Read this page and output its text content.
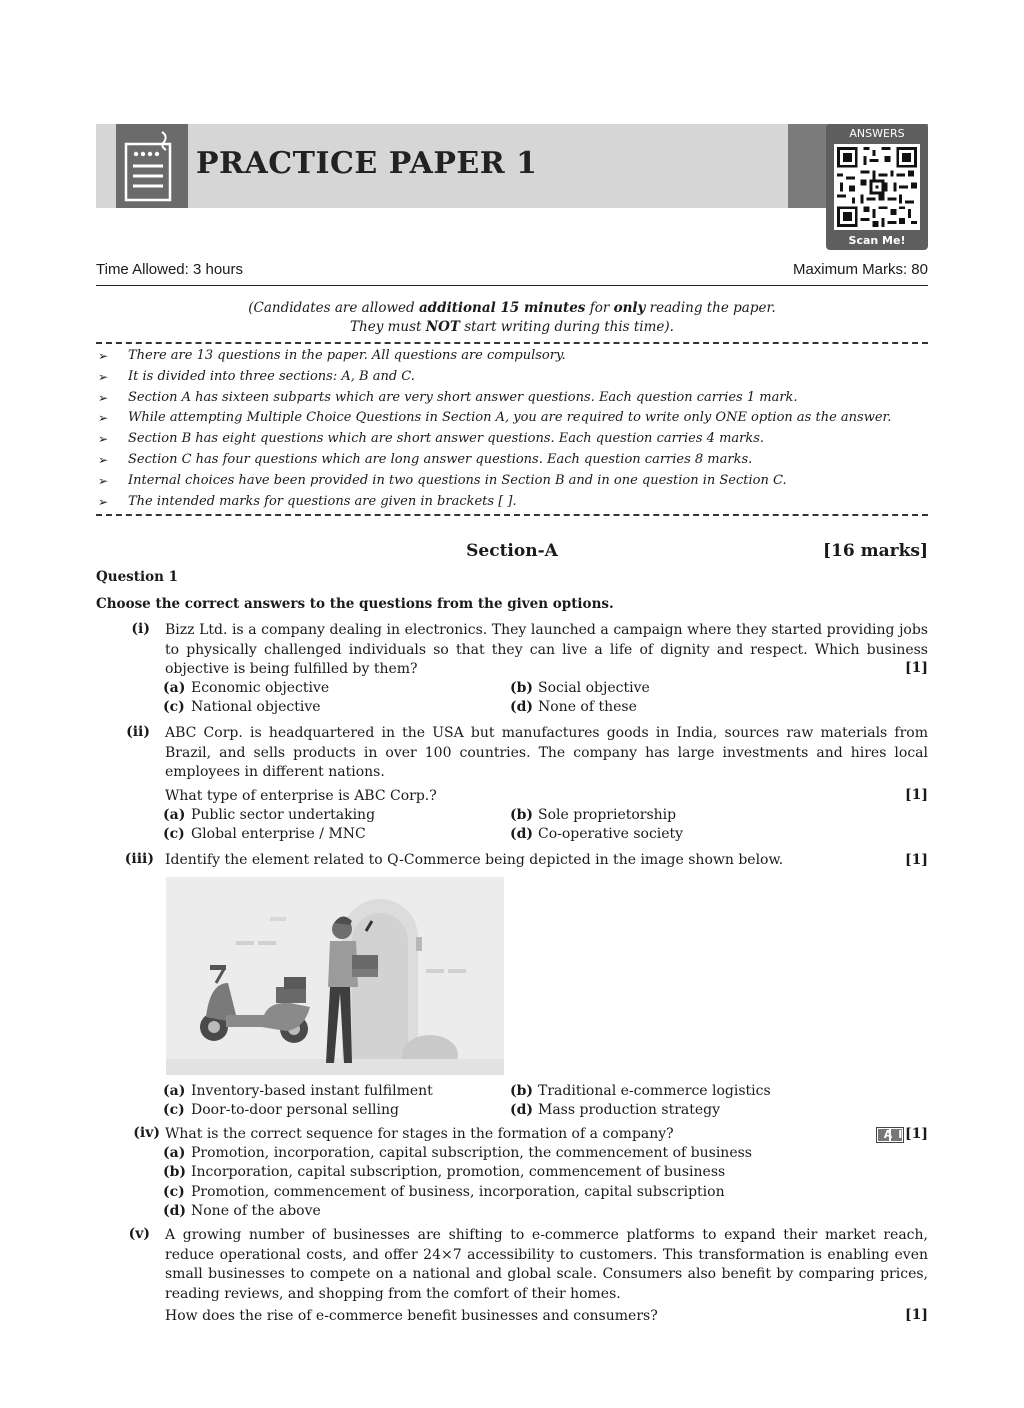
PRACTICE PAPER 1
ANSWERS
Scan Me!
Time Allowed: 3 hours	Maximum Marks: 80
(Candidates are allowed additional 15 minutes for only reading the paper.
They must NOT start writing during this time).
➢ There are 13 questions in the paper. All questions are compulsory.
➢ It is divided into three sections: A, B and C.
➢ Section A has sixteen subparts which are very short answer questions. Each question carries 1 mark.
➢ While attempting Multiple Choice Questions in Section A, you are required to write only ONE option as the answer.
➢ Section B has eight questions which are short answer questions. Each question carries 4 marks.
➢ Section C has four questions which are long answer questions. Each question carries 8 marks.
➢ Internal choices have been provided in two questions in Section B and in one question in Section C.
➢ The intended marks for questions are given in brackets [ ].
Section-A	[16 marks]
Question 1
Choose the correct answers to the questions from the given options.
(i) Bizz Ltd. is a company dealing in electronics. They launched a campaign where they started providing jobs to physically challenged individuals so that they can live a life of dignity and respect. Which business objective is being fulfilled by them?	[1]
(a) Economic objective	(b) Social objective
(c) National objective	(d) None of these
(ii) ABC Corp. is headquartered in the USA but manufactures goods in India, sources raw materials from Brazil, and sells products in over 100 countries. The company has large investments and hires local employees in different nations.
What type of enterprise is ABC Corp.?	[1]
(a) Public sector undertaking	(b) Sole proprietorship
(c) Global enterprise / MNC	(d) Co-operative society
(iii) Identify the element related to Q-Commerce being depicted in the image shown below.	[1]
(a) Inventory-based instant fulfilment	(b) Traditional e-commerce logistics
(c) Door-to-door personal selling	(d) Mass production strategy
(iv) What is the correct sequence for stages in the formation of a company?	AI
[1]
(a) Promotion, incorporation, capital subscription, the commencement of business
(b) Incorporation, capital subscription, promotion, commencement of business
(c) Promotion, commencement of business, incorporation, capital subscription
(d) None of the above
(v) A growing number of businesses are shifting to e-commerce platforms to expand their market reach, reduce operational costs, and offer 24×7 accessibility to customers. This transformation is enabling even small businesses to compete on a national and global scale. Consumers also benefit by comparing prices, reading reviews, and shopping from the comfort of their homes.
How does the rise of e-commerce benefit businesses and consumers?	[1]
